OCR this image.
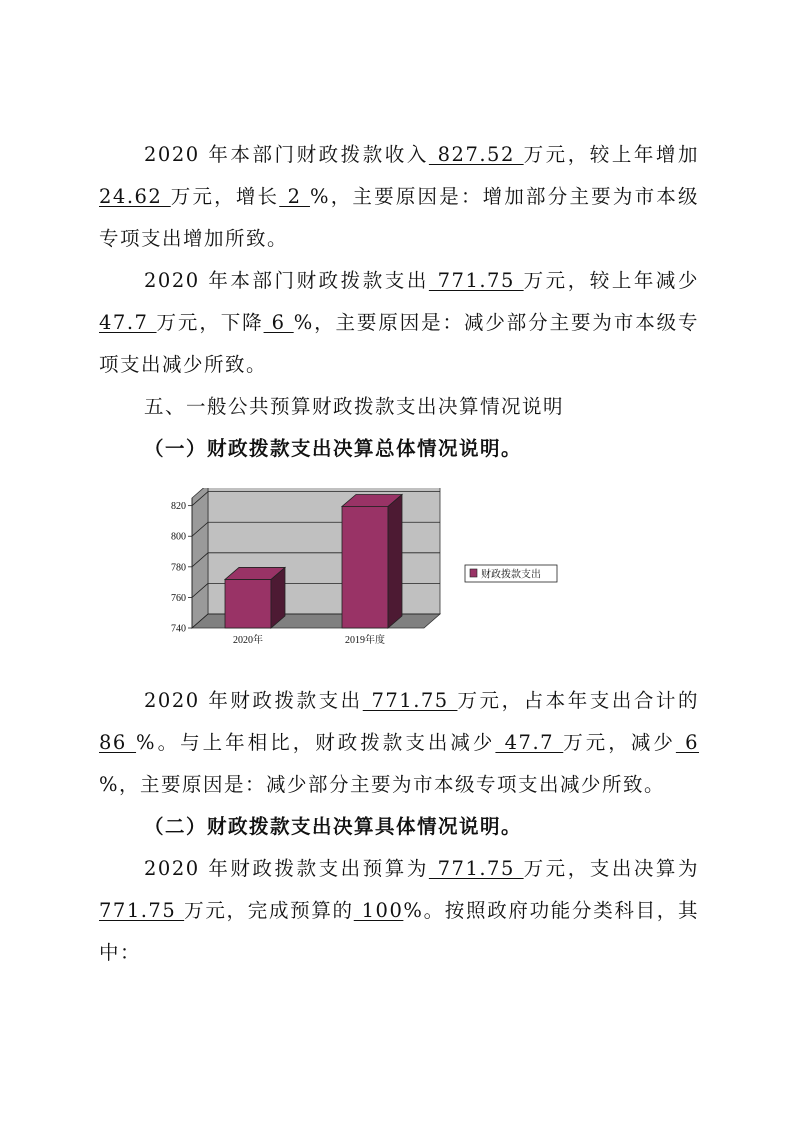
2020 年本部门财政拨款收入 827.52 万元，较上年增加24.62 万元，增长 2 %，主要原因是：增加部分主要为市本级专项支出增加所致。

2020 年本部门财政拨款支出 771.75 万元，较上年减少47.7 万元，下降 6 %，主要原因是：减少部分主要为市本级专项支出减少所致。

五、一般公共预算财政拨款支出决算情况说明

（一）财政拨款支出决算总体情况说明。

740
760
780
800
820
2020年	2019年度
财政拨款支出

2020 年财政拨款支出 771.75 万元，占本年支出合计的86 %。与上年相比，财政拨款支出减少 47.7 万元，减少 6 %，主要原因是：减少部分主要为市本级专项支出减少所致。

（二）财政拨款支出决算具体情况说明。

2020 年财政拨款支出预算为 771.75 万元，支出决算为771.75 万元，完成预算的 100%。按照政府功能分类科目，其中：
